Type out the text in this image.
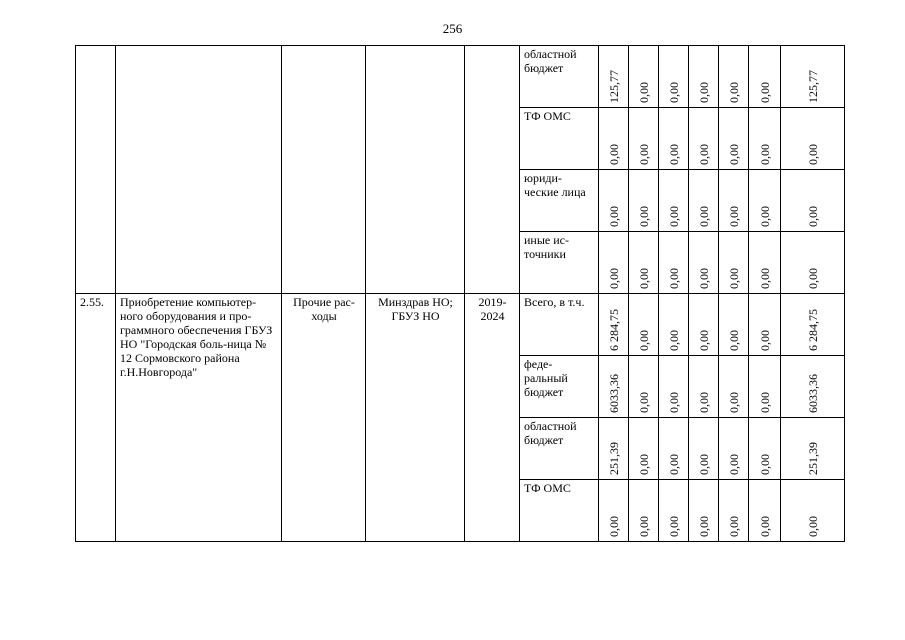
256
					областной бюджет	125,77	0,00	0,00	0,00	0,00	0,00	125,77

					ТФ ОМС	0,00	0,00	0,00	0,00	0,00	0,00	0,00

					юриди-ческие лица	0,00	0,00	0,00	0,00	0,00	0,00	0,00

					иные ис-точники	0,00	0,00	0,00	0,00	0,00	0,00	0,00

2.55.	Приобретение компьютер-ного оборудования и про-граммного обеспечения ГБУЗ НО "Городская боль-ница № 12 Сормовского района г.Н.Новгорода"	Прочие рас-ходы	Минздрав НО; ГБУЗ НО	2019-2024	Всего, в т.ч.	6 284,75	0,00	0,00	0,00	0,00	0,00	6 284,75

					феде-ральный бюджет	6033,36	0,00	0,00	0,00	0,00	0,00	6033,36

					областной бюджет	251,39	0,00	0,00	0,00	0,00	0,00	251,39

					ТФ ОМС	0,00	0,00	0,00	0,00	0,00	0,00	0,00
